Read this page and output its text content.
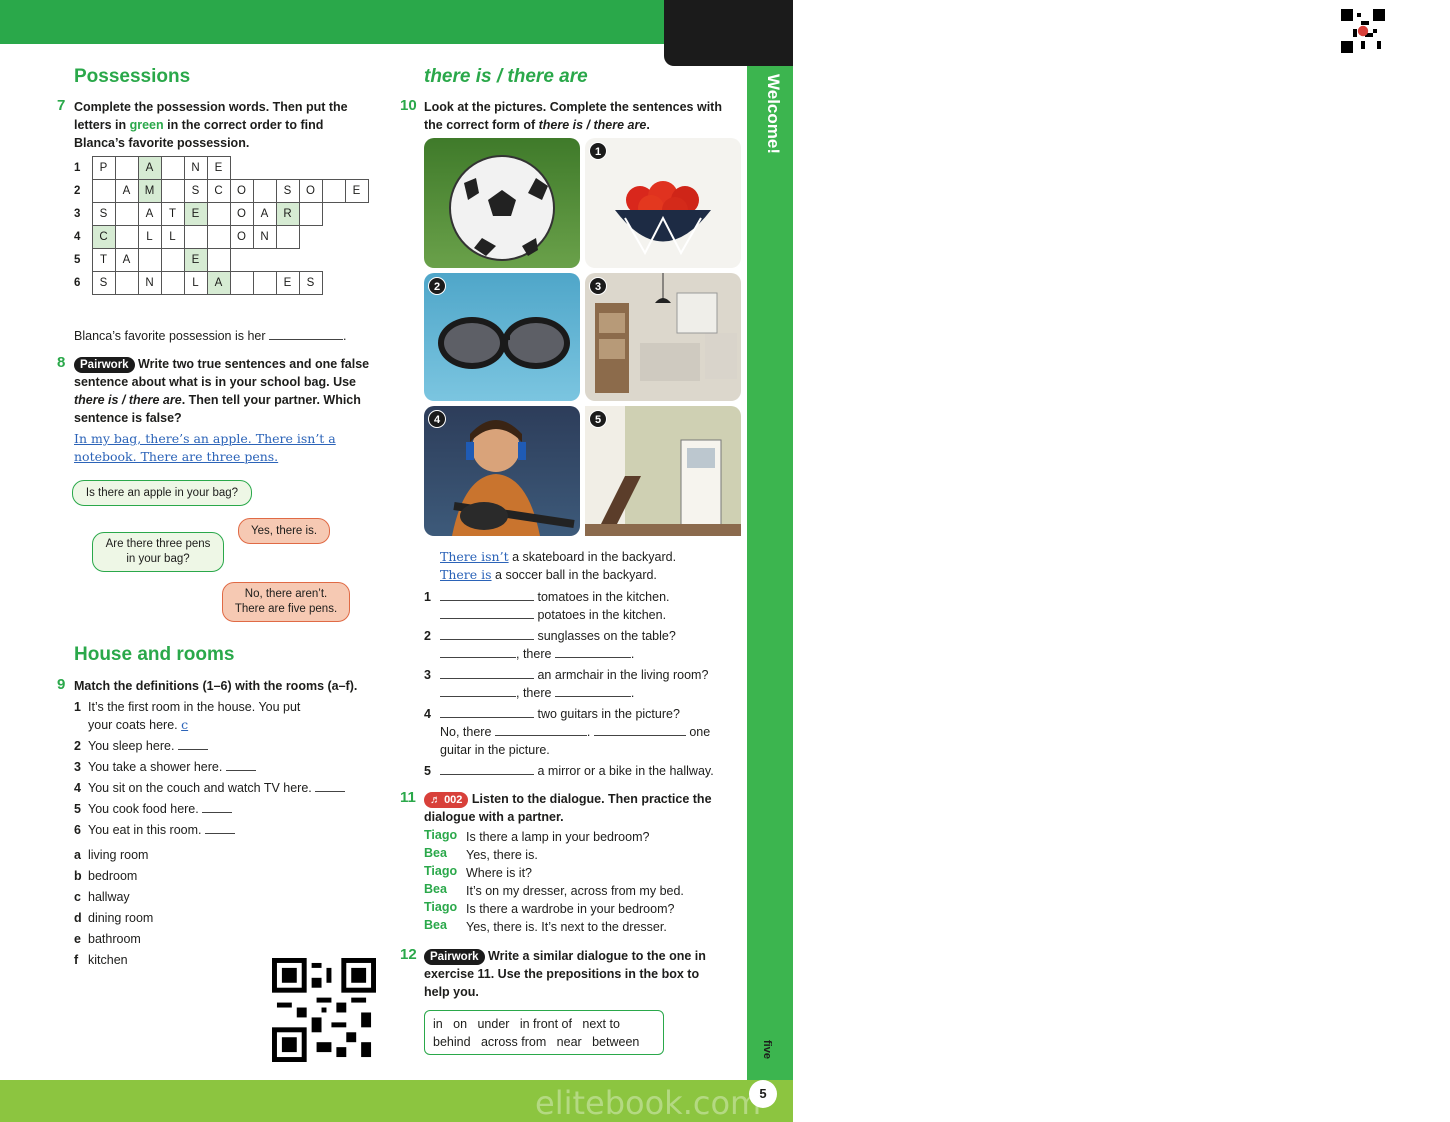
W
Welcome!
five
5
elitebook.com
Possessions
7 Complete the possession words. Then put the letters in green in the correct order to find Blanca’s favorite possession.
1	P		A		N	E						
2		A	M		S	C	O		S	O		E
3	S		A	T	E		O	A	R			
4	C		L	L			O	N				
5	T	A			E							
6	S		N		L	A			E	S		
Blanca’s favorite possession is her	.
8	Pairwork Write two true sentences and one false
sentence about what is in your school bag. Use
there is / there are. Then tell your partner. Which
sentence is false?
In my bag, there’s an apple. There isn’t a
notebook. There are three pens.
Is there an apple in your bag?
Yes, there is.
Are there three pens in your bag?
No, there aren’t. There are five pens.
House and rooms
9 Match the definitions (1–6) with the rooms (a–f).
1 It’s the first room in the house. You put
your coats here. c
2 You sleep here.
3 You take a shower here.
4 You sit on the couch and watch TV here.
5 You cook food here.
6 You eat in this room.
a living room
b bedroom
c hallway
d dining room
e bathroom
f kitchen
there is / there are
10 Look at the pictures. Complete the sentences with
the correct form of there is / there are.
1
2	3
4	5
There isn’t a skateboard in the backyard.
There is a soccer ball in the backyard.
1	tomatoes in the kitchen.
potatoes in the kitchen.
2	sunglasses on the table?
, there	.
3	an armchair in the living room?
, there	.
4	two guitars in the picture?
No, there	.	one
guitar in the picture.
5	a mirror or a bike in the hallway.
11	♬ 002 Listen to the dialogue. Then practice the
dialogue with a partner.
Tiago Is there a lamp in your bedroom?
Bea Yes, there is.
Tiago Where is it?
Bea It’s on my dresser, across from my bed.
Tiago Is there a wardrobe in your bedroom?
Bea Yes, there is. It’s next to the dresser.
12	Pairwork Write a similar dialogue to the one in
exercise 11. Use the prepositions in the box to
help you.
in   on   under   in front of   next to
behind   across from   near   between
